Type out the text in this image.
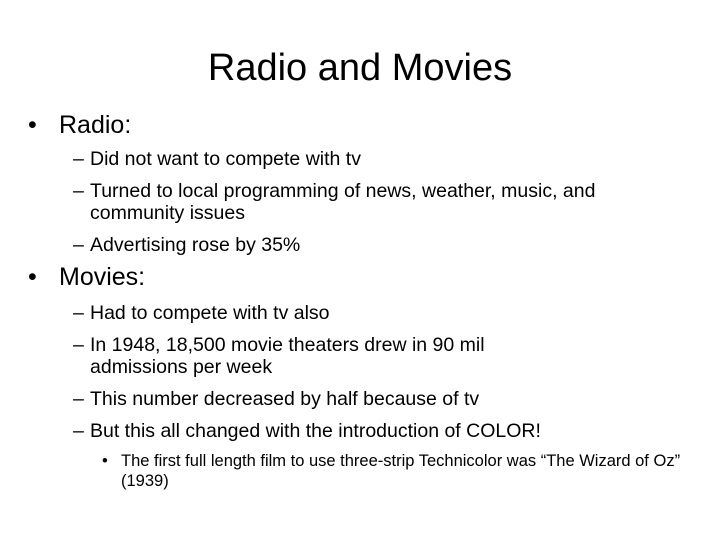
Radio and Movies
• Radio:
– Did not want to compete with tv
– Turned to local programming of news, weather, music, and community issues
– Advertising rose by 35%
• Movies:
– Had to compete with tv also
– In 1948, 18,500 movie theaters drew in 90 mil admissions per week
– This number decreased by half because of tv
– But this all changed with the introduction of COLOR!
• The first full length film to use three-strip Technicolor was “The Wizard of Oz” (1939)
